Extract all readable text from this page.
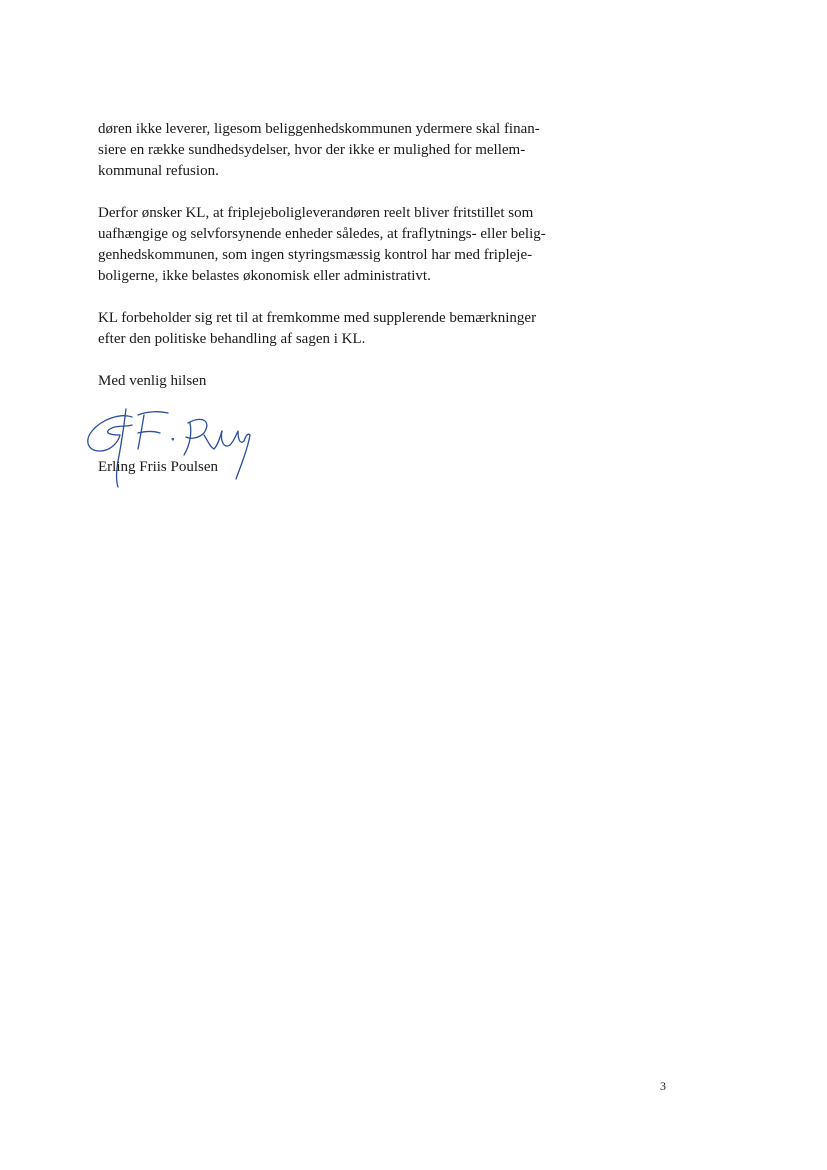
døren ikke leverer, ligesom beliggenhedskommunen ydermere skal finan-
siere en række sundhedsydelser, hvor der ikke er mulighed for mellem-
kommunal refusion.

Derfor ønsker KL, at friplejeboligleverandøren reelt bliver fritstillet som
uafhængige og selvforsynende enheder således, at fraflytnings- eller belig-
genhedskommunen, som ingen styringsmæssig kontrol har med fripleje-
boligerne, ikke belastes økonomisk eller administrativt.

KL forbeholder sig ret til at fremkomme med supplerende bemærkninger
efter den politiske behandling af sagen i KL.

Med venlig hilsen

Erling Friis Poulsen
3
